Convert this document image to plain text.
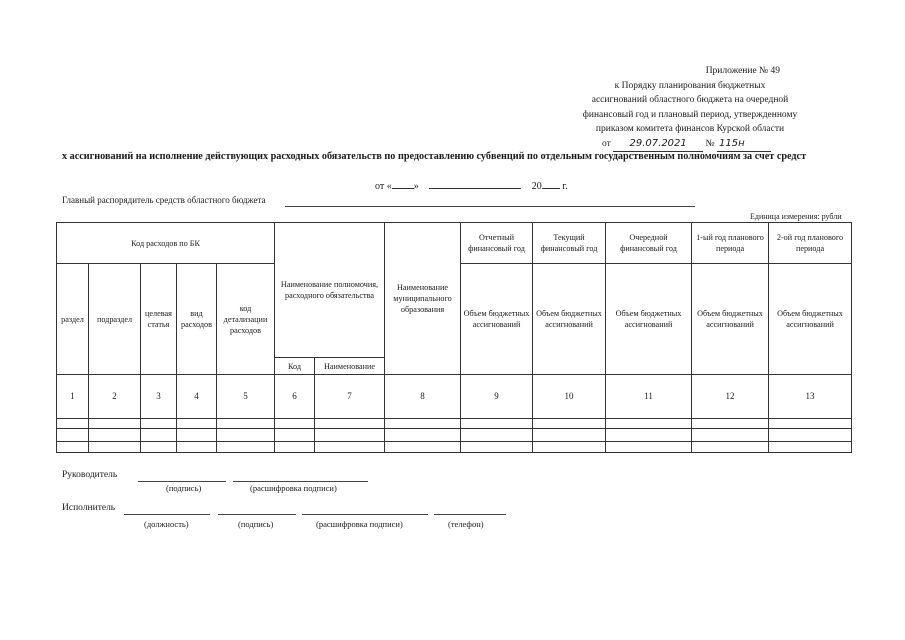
Приложение № 49
к Порядку планирования бюджетных
ассигнований областного бюджета на очередной
финансовый год и плановый период, утвержденному
приказом комитета финансов Курской области
от 29.07.2021 № 115н
х ассигнований на исполнение действующих расходных обязательств по предоставлению субвенций по отдельным государственным полномочиям за счет средст
от « »	20 г.
Главный распорядитель средств областного бюджета
Единица измерения: рубли
Код расходов по БК					Наименование полномочия, расходного обязательства		Наименование муниципального образования	Отчетный финансовый год	Текущий финансовый год	Очередной финансовый год	1-ый год планового периода	2-ой год планового периода

раздел	подраздел	целевая статья	вид расходов	код детализации расходов				Объем бюджетных ассигнований	Объем бюджетных ассигнований	Объем бюджетных ассигнований	Объем бюджетных ассигнований	Объем бюджетных ассигнований

					Код	Наименование						
1	2	3	4	5	6	7	8	9	10	11	12	13

Руководитель
(подпись)	(расшифровка подписи)
Исполнитель
(должность)	(подпись)	(расшифровка подписи)	(телефон)
